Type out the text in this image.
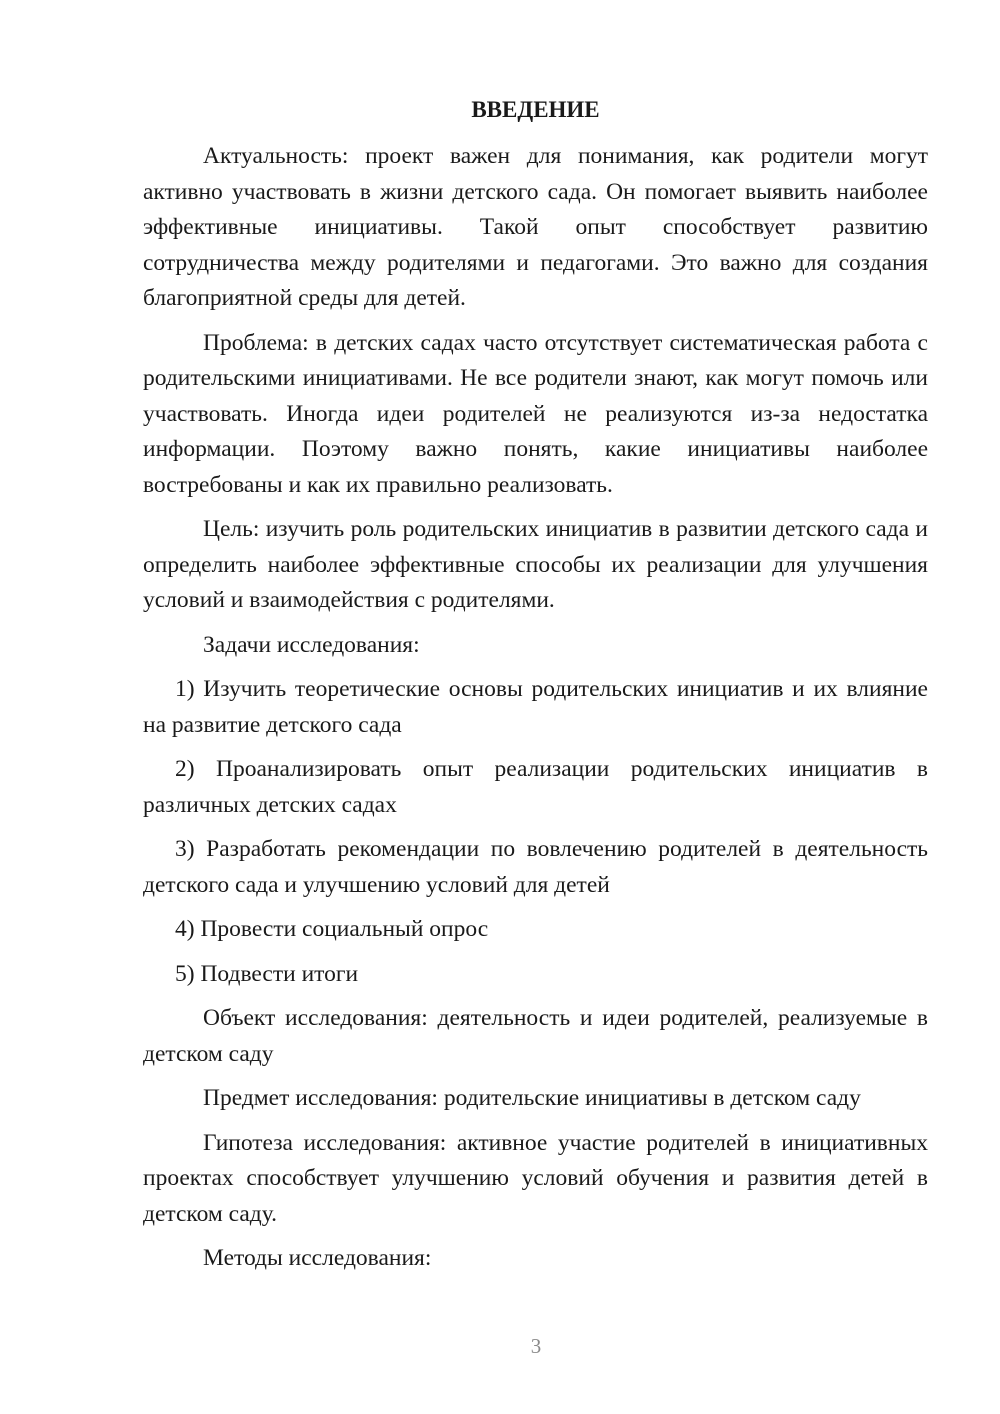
ВВЕДЕНИЕ

Актуальность: проект важен для понимания, как родители могут активно участвовать в жизни детского сада. Он помогает выявить наиболее эффективные инициативы. Такой опыт способствует развитию сотрудничества между родителями и педагогами. Это важно для создания благоприятной среды для детей.

Проблема: в детских садах часто отсутствует систематическая работа с родительскими инициативами. Не все родители знают, как могут помочь или участвовать. Иногда идеи родителей не реализуются из-за недостатка информации. Поэтому важно понять, какие инициативы наиболее востребованы и как их правильно реализовать.

Цель: изучить роль родительских инициатив в развитии детского сада и определить наиболее эффективные способы их реализации для улучшения условий и взаимодействия с родителями.

Задачи исследования:

1) Изучить теоретические основы родительских инициатив и их влияние на развитие детского сада

2) Проанализировать опыт реализации родительских инициатив в различных детских садах

3) Разработать рекомендации по вовлечению родителей в деятельность детского сада и улучшению условий для детей

4) Провести социальный опрос

5) Подвести итоги

Объект исследования: деятельность и идеи родителей, реализуемые в детском саду

Предмет исследования: родительские инициативы в детском саду

Гипотеза исследования: активное участие родителей в инициативных проектах способствует улучшению условий обучения и развития детей в детском саду.

Методы исследования:

3
